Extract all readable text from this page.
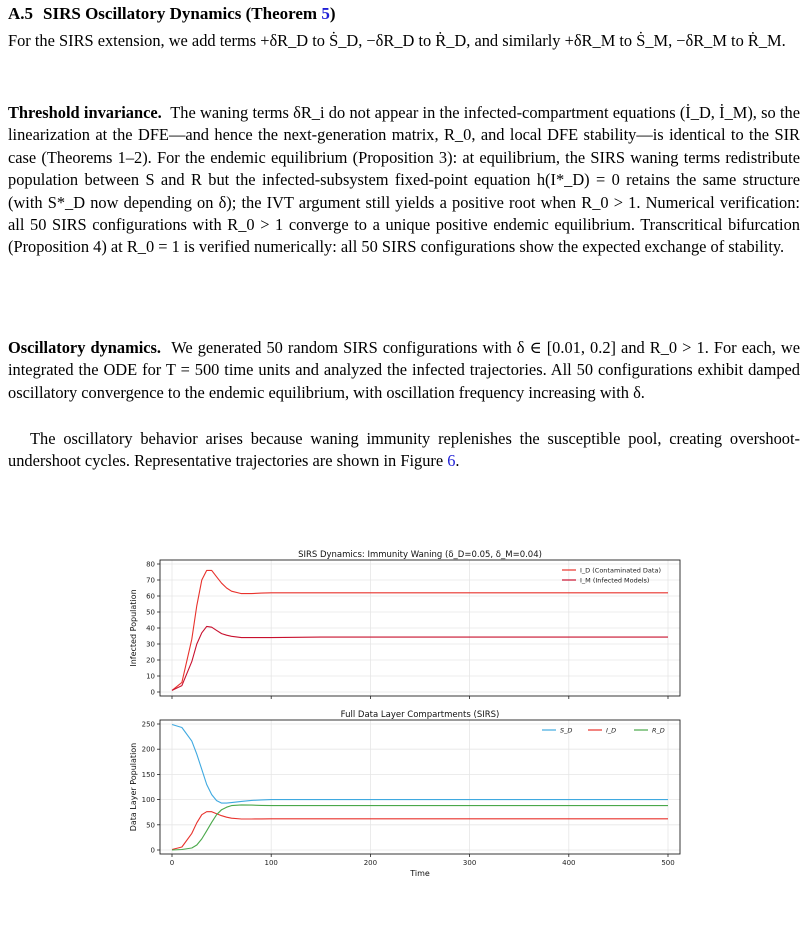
A.5 SIRS Oscillatory Dynamics (Theorem 5)

For the SIRS extension, we add terms +δR_D to Ṡ_D, −δR_D to Ṙ_D, and similarly +δR_M to Ṡ_M, −δR_M to Ṙ_M.

Threshold invariance. The waning terms δR_i do not appear in the infected-compartment equations (İ_D, İ_M), so the linearization at the DFE—and hence the next-generation matrix, R_0, and local DFE stability—is identical to the SIR case (Theorems 1–2). For the endemic equilibrium (Proposition 3): at equilibrium, the SIRS waning terms redistribute population between S and R but the infected-subsystem fixed-point equation h(I*_D) = 0 retains the same structure (with S*_D now depending on δ); the IVT argument still yields a positive root when R_0 > 1. Numerical verification: all 50 SIRS configurations with R_0 > 1 converge to a unique positive endemic equilibrium. Transcritical bifurcation (Proposition 4) at R_0 = 1 is verified numerically: all 50 SIRS configurations show the expected exchange of stability.

Oscillatory dynamics. We generated 50 random SIRS configurations with δ ∈ [0.01, 0.2] and R_0 > 1. For each, we integrated the ODE for T = 500 time units and analyzed the infected trajectories. All 50 configurations exhibit damped oscillatory convergence to the endemic equilibrium, with oscillation frequency increasing with δ.

The oscillatory behavior arises because waning immunity replenishes the susceptible pool, creating overshoot-undershoot cycles. Representative trajectories are shown in Figure 6.

0
10
20
30
40
50
60
70
80
SIRS Dynamics: Immunity Waning (δ_D=0.05, δ_M=0.04)
Infected Population
I_D (Contaminated Data)
I_M (Infected Models)
0
50
100
150
200
250
0	100	200	300	400	500
Full Data Layer Compartments (SIRS)
Data Layer Population
Time
S_D	I_D	R_D
